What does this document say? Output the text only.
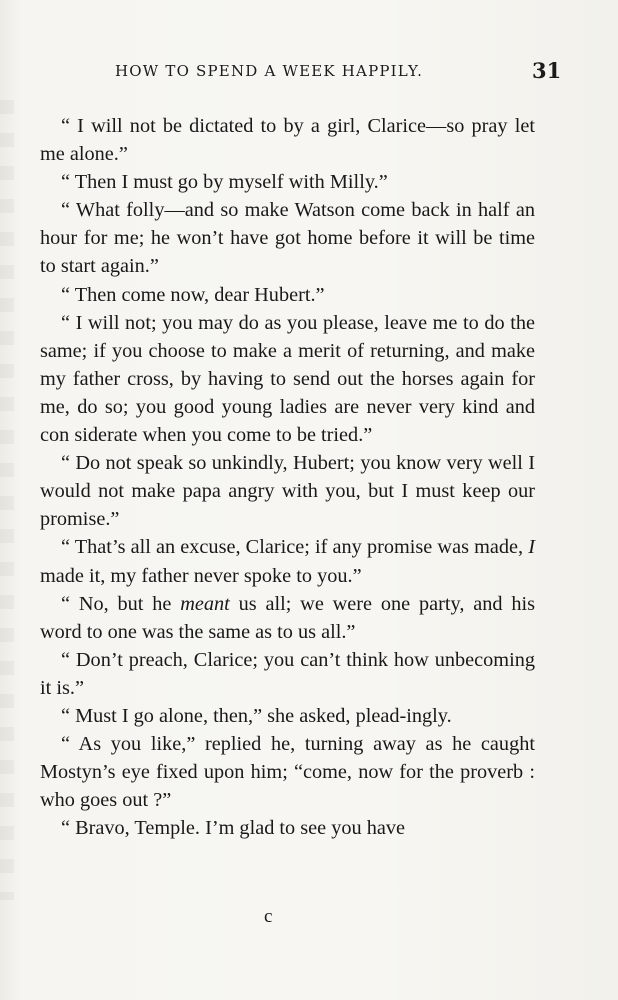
HOW TO SPEND A WEEK HAPPILY.	31

“ I will not be dictated to by a girl, Clarice—so pray let me alone.”

“ Then I must go by myself with Milly.”

“ What folly—and so make Watson come back in half an hour for me; he won’t have got home before it will be time to start again.”

“ Then come now, dear Hubert.”

“ I will not; you may do as you please, leave me to do the same; if you choose to make a merit of returning, and make my father cross, by having to send out the horses again for me, do so; you good young ladies are never very kind and con siderate when you come to be tried.”

“ Do not speak so unkindly, Hubert; you know very well I would not make papa angry with you, but I must keep our promise.”

“ That’s all an excuse, Clarice; if any promise was made, I made it, my father never spoke to you.”

“ No, but he meant us all; we were one party, and his word to one was the same as to us all.”

“ Don’t preach, Clarice; you can’t think how unbecoming it is.”

“ Must I go alone, then,” she asked, plead-ingly.

“ As you like,” replied he, turning away as he caught Mostyn’s eye fixed upon him; “come, now for the proverb : who goes out ?”

“ Bravo, Temple. I’m glad to see you have

c
